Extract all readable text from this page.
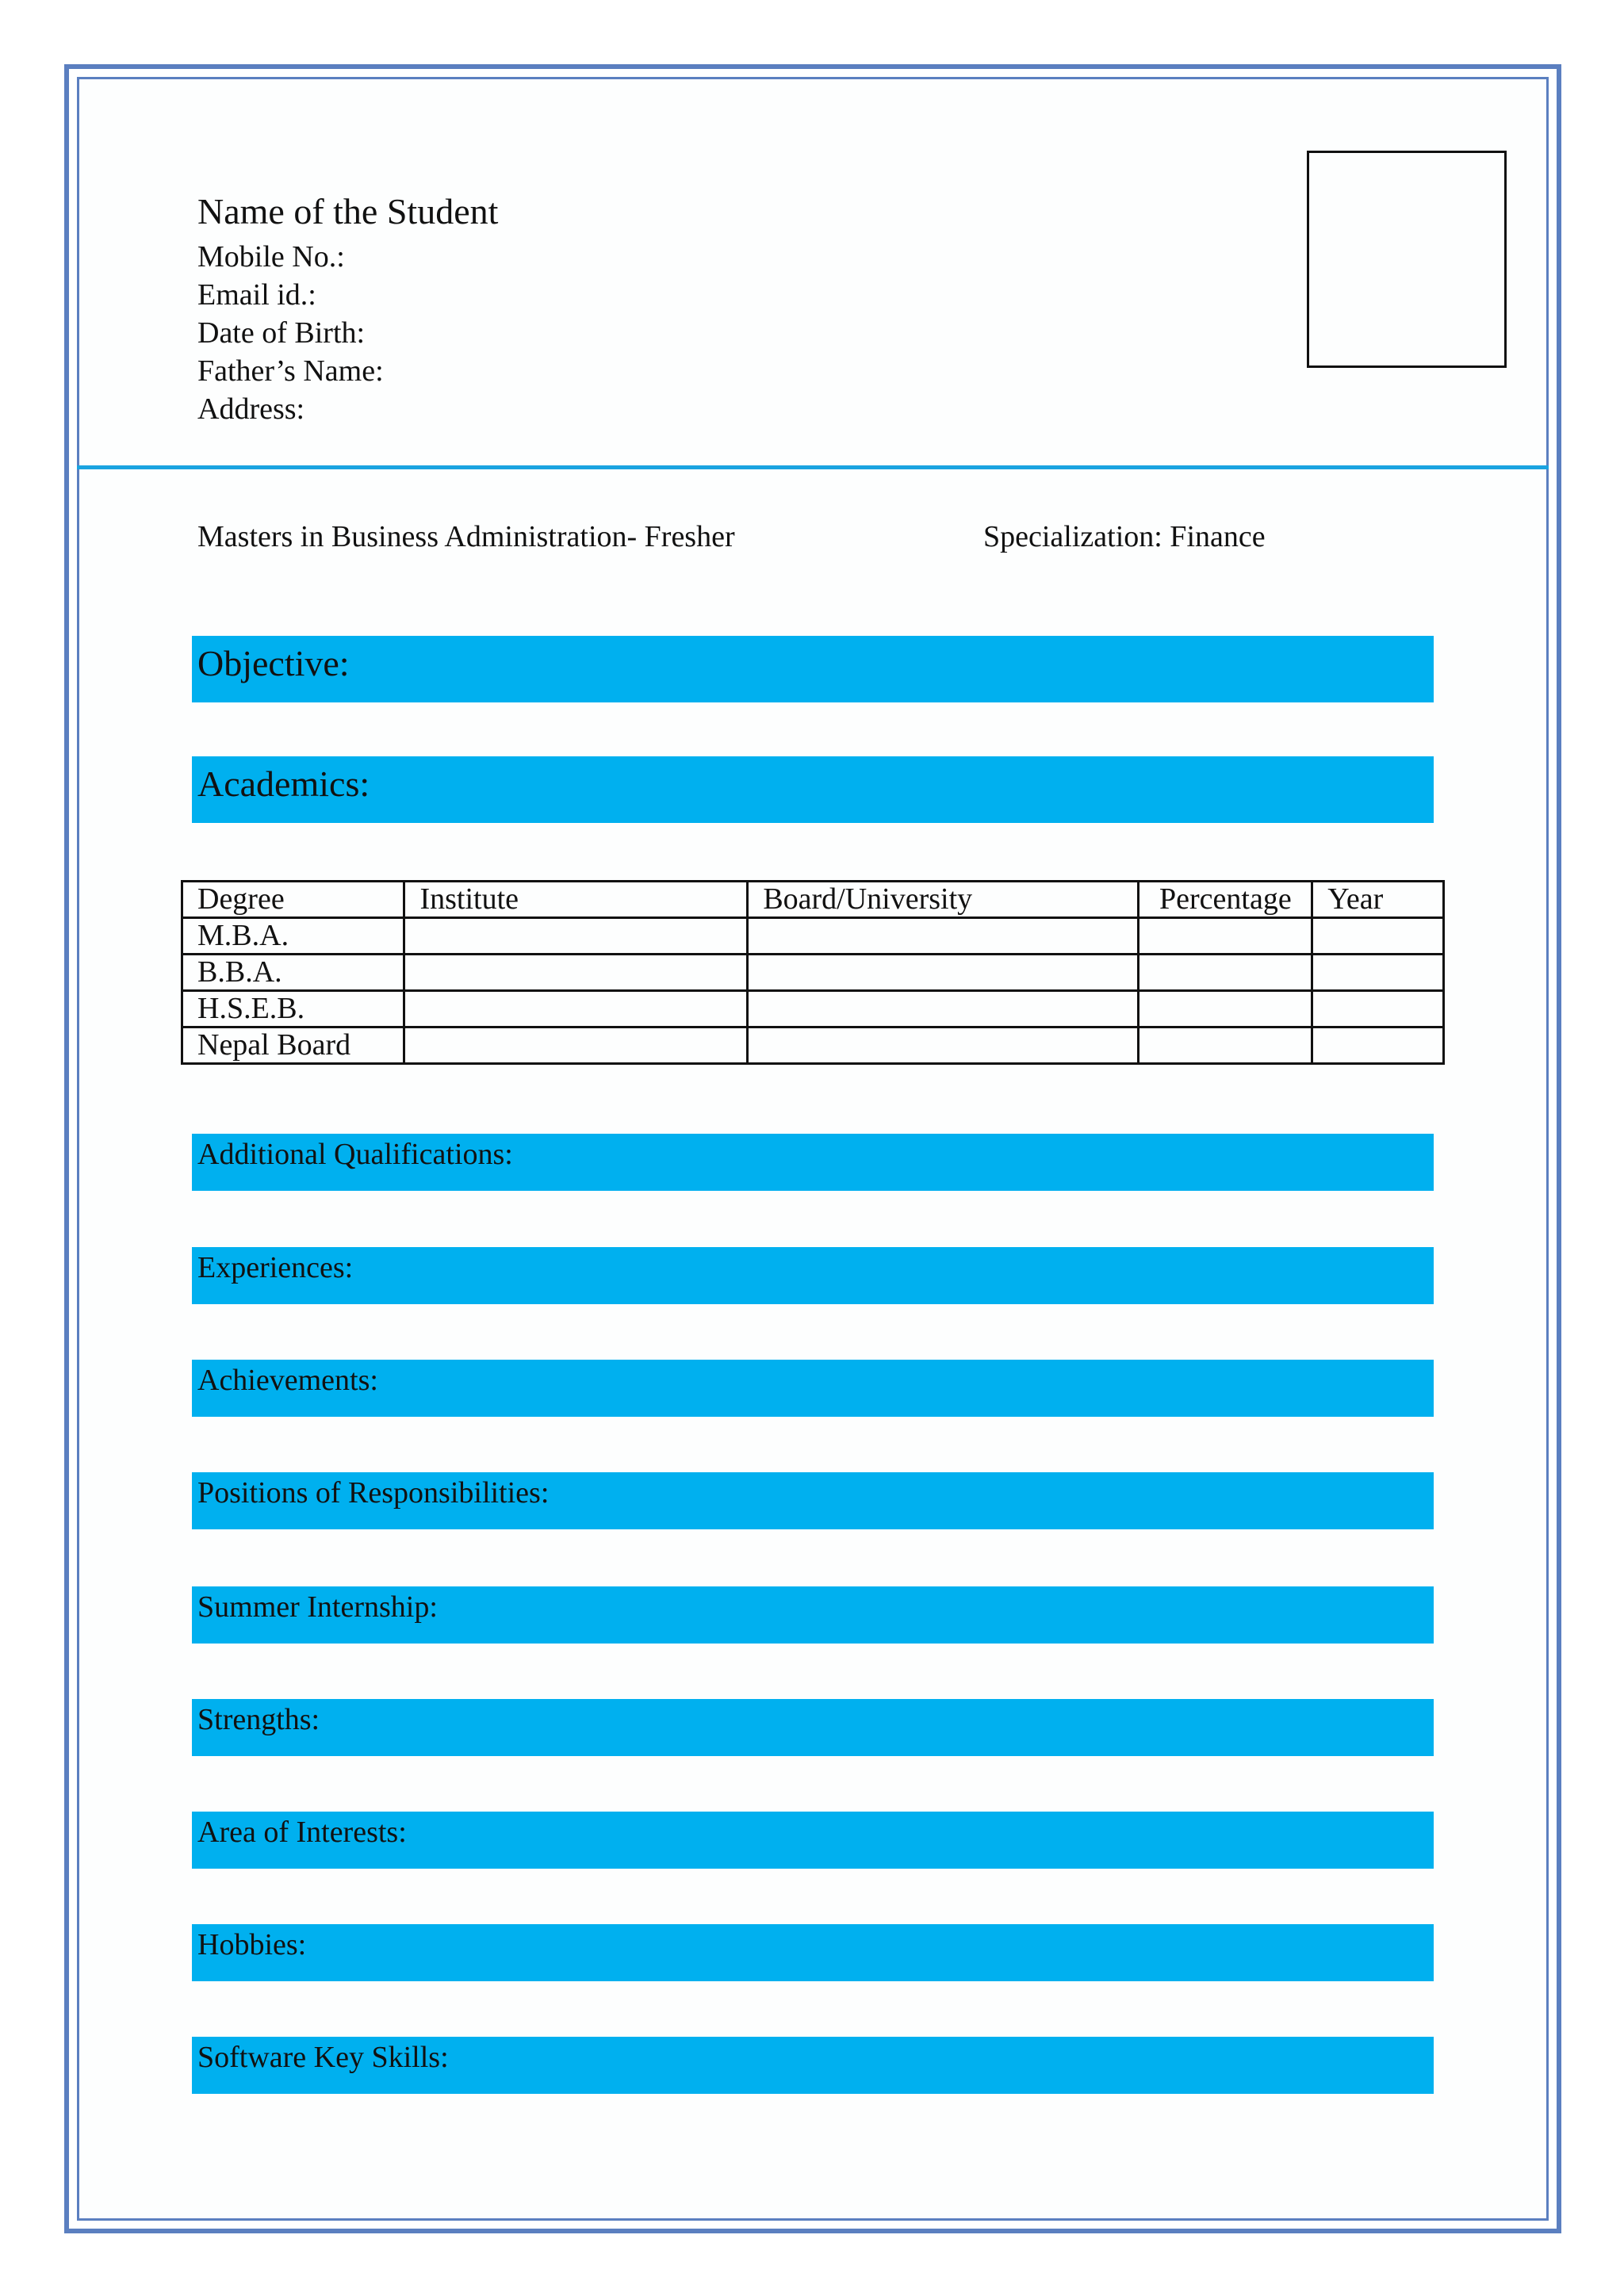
Name of the Student
Mobile No.:
Email id.:
Date of Birth:
Father’s Name:
Address:
Masters in Business Administration- Fresher	Specialization: Finance
Objective:
Academics:
Degree	Institute	Board/University	Percentage	Year
M.B.A.				
B.B.A.				
H.S.E.B.				
Nepal Board				
Additional Qualifications:
Experiences:
Achievements:
Positions of Responsibilities:
Summer Internship:
Strengths:
Area of Interests:
Hobbies:
Software Key Skills:
